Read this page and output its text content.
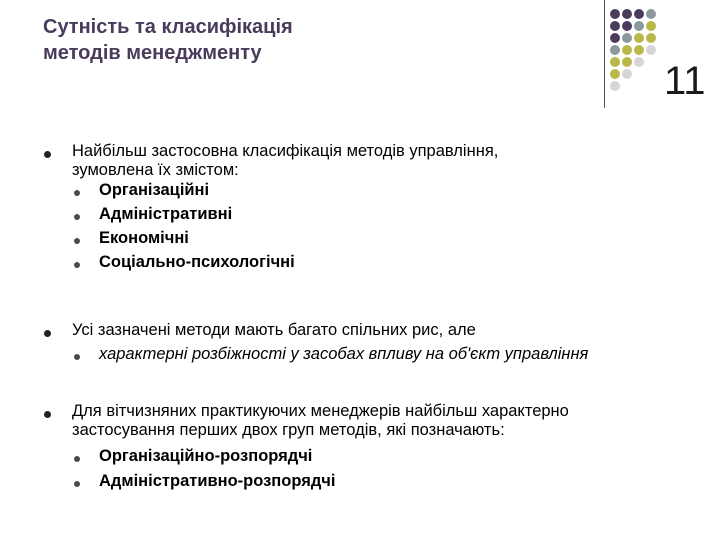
Сутність та класифікація
методів менеджменту
11
Найбільш застосовна класифікація методів управління,
зумовлена їх змістом:
Організаційні
Адміністративні
Економічні
Соціально-психологічні
Усі зазначені методи мають багато спільних рис, але
характерні розбіжності у засобах впливу на об'єкт управління
Для вітчизняних практикуючих менеджерів найбільш характерно
застосування перших двох груп методів, які позначають:
Організаційно-розпорядчі
Адміністративно-розпорядчі
